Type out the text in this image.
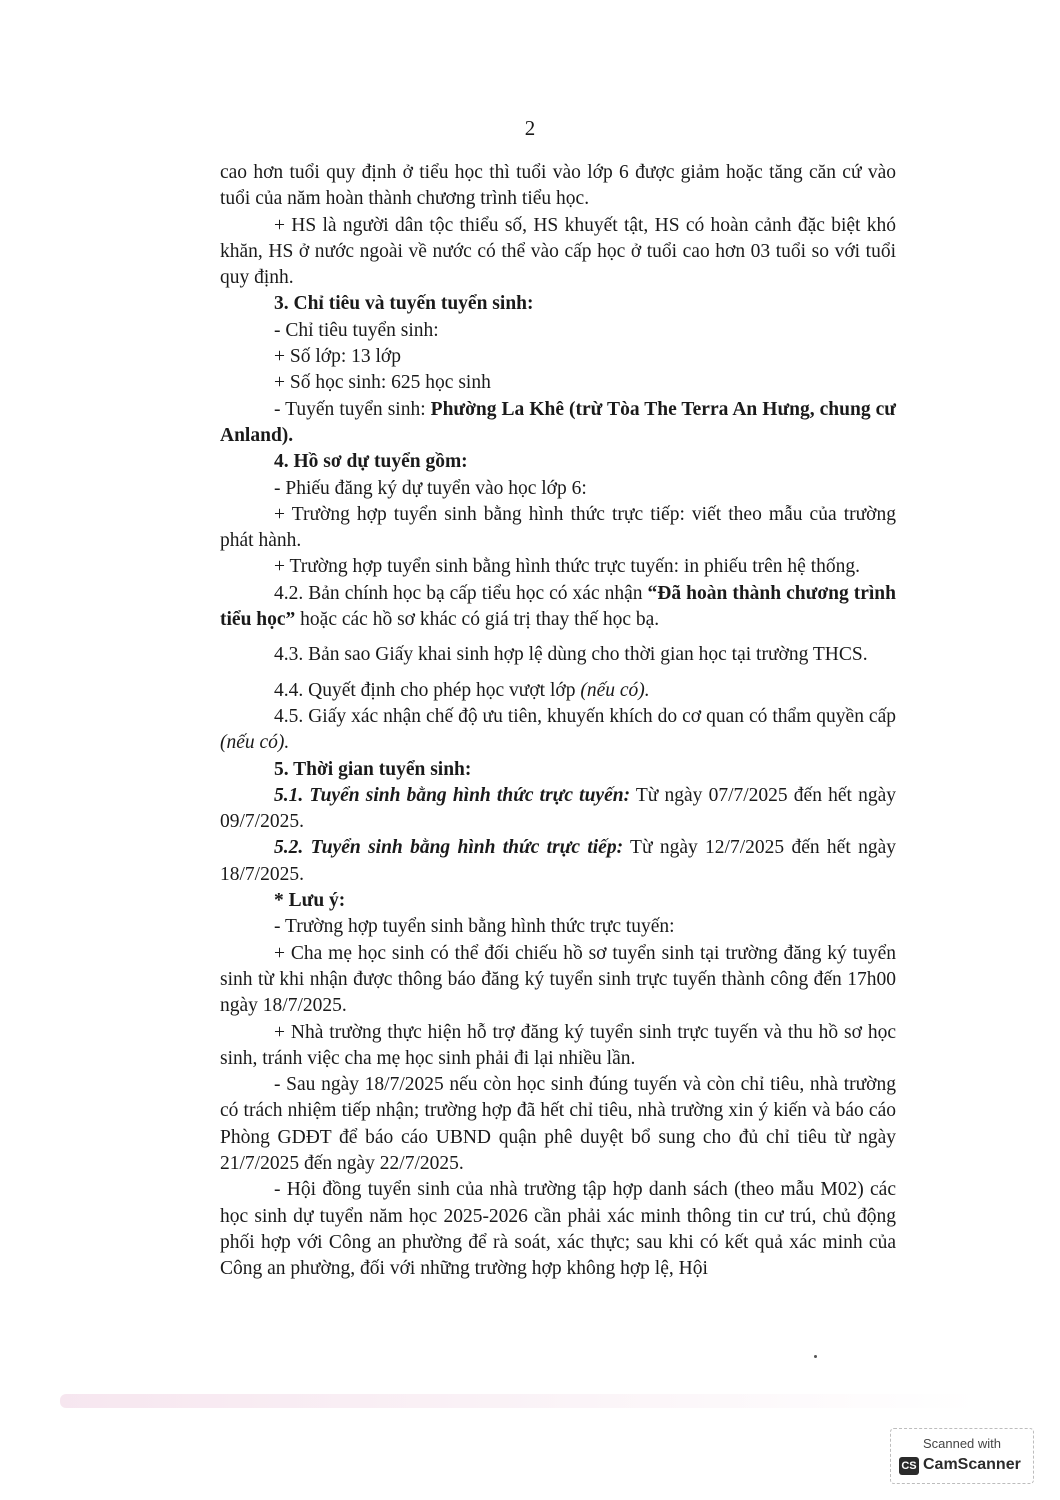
2

cao hơn tuổi quy định ở tiểu học thì tuổi vào lớp 6 được giảm hoặc tăng căn cứ vào tuổi của năm hoàn thành chương trình tiểu học.

+ HS là người dân tộc thiểu số, HS khuyết tật, HS có hoàn cảnh đặc biệt khó khăn, HS ở nước ngoài về nước có thể vào cấp học ở tuổi cao hơn 03 tuổi so với tuổi quy định.

3. Chỉ tiêu và tuyến tuyển sinh:

- Chỉ tiêu tuyển sinh:

+ Số lớp: 13 lớp

+ Số học sinh: 625 học sinh

- Tuyến tuyển sinh: Phường La Khê (trừ Tòa The Terra An Hưng, chung cư Anland).

4. Hồ sơ dự tuyển gồm:

- Phiếu đăng ký dự tuyển vào học lớp 6:

+ Trường hợp tuyển sinh bằng hình thức trực tiếp: viết theo mẫu của trường phát hành.

+ Trường hợp tuyển sinh bằng hình thức trực tuyến: in phiếu trên hệ thống.

4.2. Bản chính học bạ cấp tiểu học có xác nhận “Đã hoàn thành chương trình tiểu học” hoặc các hồ sơ khác có giá trị thay thế học bạ.

4.3. Bản sao Giấy khai sinh hợp lệ dùng cho thời gian học tại trường THCS.

4.4. Quyết định cho phép học vượt lớp (nếu có).

4.5. Giấy xác nhận chế độ ưu tiên, khuyến khích do cơ quan có thẩm quyền cấp (nếu có).

5. Thời gian tuyển sinh:

5.1. Tuyển sinh bằng hình thức trực tuyến: Từ ngày 07/7/2025 đến hết ngày 09/7/2025.

5.2. Tuyển sinh bằng hình thức trực tiếp: Từ ngày 12/7/2025 đến hết ngày 18/7/2025.

* Lưu ý:

- Trường hợp tuyển sinh bằng hình thức trực tuyến:

+ Cha mẹ học sinh có thể đối chiếu hồ sơ tuyển sinh tại trường đăng ký tuyển sinh từ khi nhận được thông báo đăng ký tuyển sinh trực tuyến thành công đến 17h00 ngày 18/7/2025.

+ Nhà trường thực hiện hỗ trợ đăng ký tuyển sinh trực tuyến và thu hồ sơ học sinh, tránh việc cha mẹ học sinh phải đi lại nhiều lần.

- Sau ngày 18/7/2025 nếu còn học sinh đúng tuyến và còn chỉ tiêu, nhà trường có trách nhiệm tiếp nhận; trường hợp đã hết chỉ tiêu, nhà trường xin ý kiến và báo cáo Phòng GDĐT để báo cáo UBND quận phê duyệt bổ sung cho đủ chỉ tiêu từ ngày 21/7/2025 đến ngày 22/7/2025.

- Hội đồng tuyển sinh của nhà trường tập hợp danh sách (theo mẫu M02) các học sinh dự tuyển năm học 2025-2026 cần phải xác minh thông tin cư trú, chủ động phối hợp với Công an phường để rà soát, xác thực; sau khi có kết quả xác minh của Công an phường, đối với những trường hợp không hợp lệ, Hội

Scanned with
CS CamScanner
